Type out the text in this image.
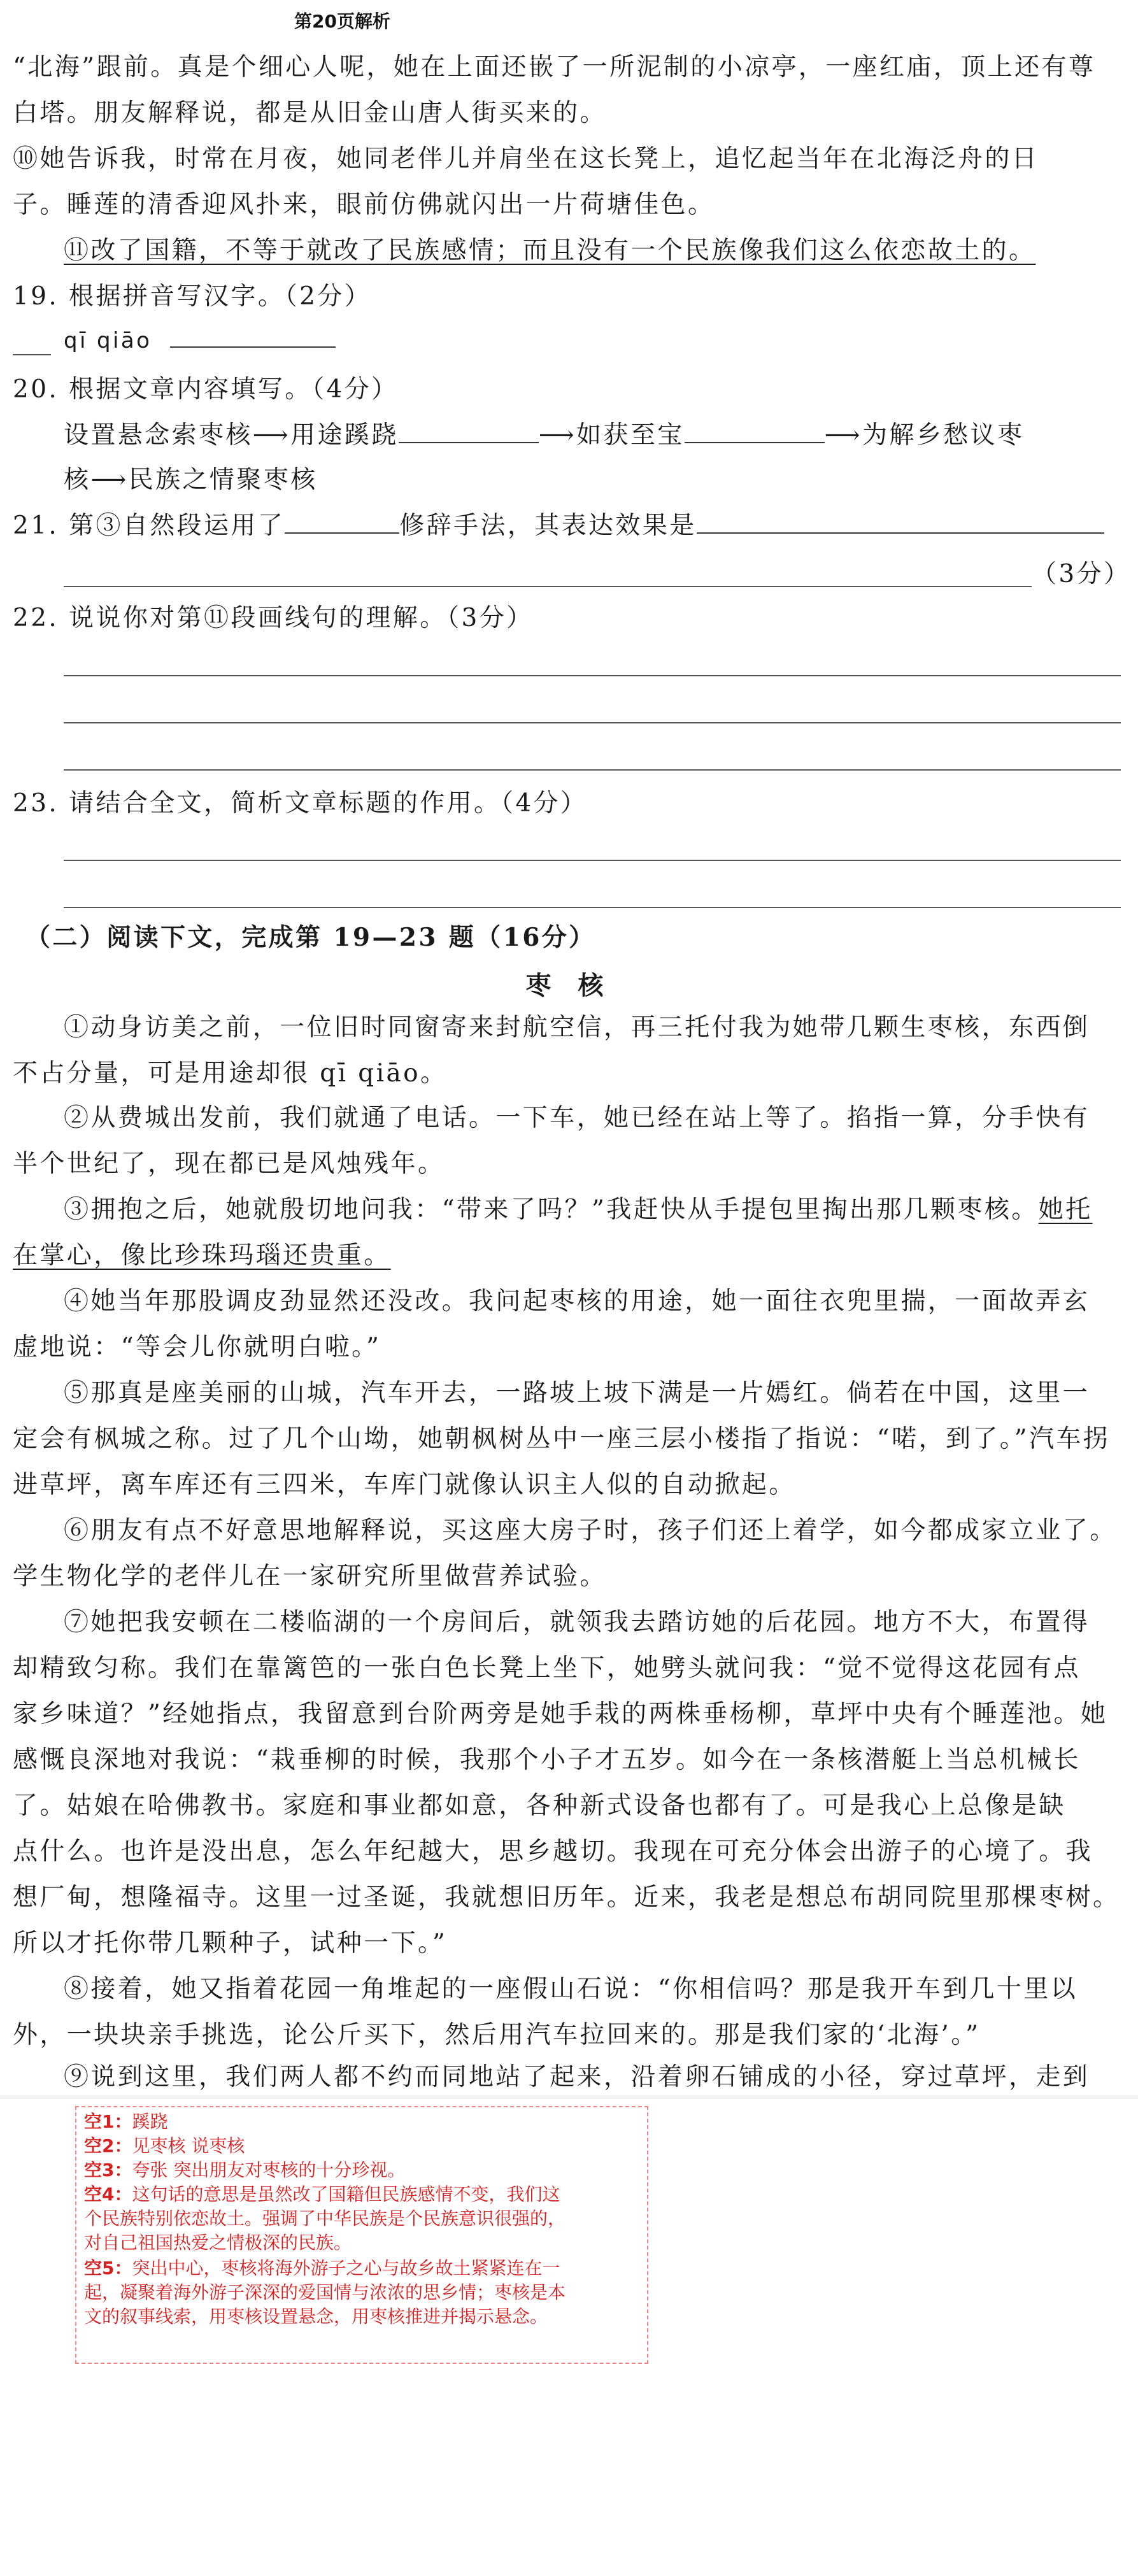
第20页解析
“北海”跟前。真是个细心人呢，她在上面还嵌了一所泥制的小凉亭，一座红庙，顶上还有尊
白塔。朋友解释说，都是从旧金山唐人街买来的。
⑩她告诉我，时常在月夜，她同老伴儿并肩坐在这长凳上，追忆起当年在北海泛舟的日
子。睡莲的清香迎风扑来，眼前仿佛就闪出一片荷塘佳色。
⑪改了国籍，不等于就改了民族感情；而且没有一个民族像我们这么依恋故土的。
19. 根据拼音写汉字。（2分）
qī qiāo
20. 根据文章内容填写。（4分）
设置悬念索枣核⟶用途蹊跷	⟶如获至宝	⟶为解乡愁议枣
核⟶民族之情聚枣核
21. 第③自然段运用了	修辞手法，其表达效果是
（3分）
22. 说说你对第⑪段画线句的理解。（3分）
23. 请结合全文，简析文章标题的作用。（4分）
（二）阅读下文，完成第 19—23 题（16分）
枣 核
①动身访美之前，一位旧时同窗寄来封航空信，再三托付我为她带几颗生枣核，东西倒
不占分量，可是用途却很 qī qiāo。
②从费城出发前，我们就通了电话。一下车，她已经在站上等了。掐指一算，分手快有
半个世纪了，现在都已是风烛残年。
③拥抱之后，她就殷切地问我：“带来了吗？”我赶快从手提包里掏出那几颗枣核。她托
在掌心，像比珍珠玛瑙还贵重。
④她当年那股调皮劲显然还没改。我问起枣核的用途，她一面往衣兜里揣，一面故弄玄
虚地说：“等会儿你就明白啦。”
⑤那真是座美丽的山城，汽车开去，一路坡上坡下满是一片嫣红。倘若在中国，这里一
定会有枫城之称。过了几个山坳，她朝枫树丛中一座三层小楼指了指说：“喏，到了。”汽车拐
进草坪，离车库还有三四米，车库门就像认识主人似的自动掀起。
⑥朋友有点不好意思地解释说，买这座大房子时，孩子们还上着学，如今都成家立业了。
学生物化学的老伴儿在一家研究所里做营养试验。
⑦她把我安顿在二楼临湖的一个房间后，就领我去踏访她的后花园。地方不大，布置得
却精致匀称。我们在靠篱笆的一张白色长凳上坐下，她劈头就问我：“觉不觉得这花园有点
家乡味道？”经她指点，我留意到台阶两旁是她手栽的两株垂杨柳，草坪中央有个睡莲池。她
感慨良深地对我说：“栽垂柳的时候，我那个小子才五岁。如今在一条核潜艇上当总机械长
了。姑娘在哈佛教书。家庭和事业都如意，各种新式设备也都有了。可是我心上总像是缺
点什么。也许是没出息，怎么年纪越大，思乡越切。我现在可充分体会出游子的心境了。我
想厂甸，想隆福寺。这里一过圣诞，我就想旧历年。近来，我老是想总布胡同院里那棵枣树。
所以才托你带几颗种子，试种一下。”
⑧接着，她又指着花园一角堆起的一座假山石说：“你相信吗？那是我开车到几十里以
外，一块块亲手挑选，论公斤买下，然后用汽车拉回来的。那是我们家的‘北海’。”
⑨说到这里，我们两人都不约而同地站了起来，沿着卵石铺成的小径，穿过草坪，走到
空1：蹊跷
空2：见枣核 说枣核
空3：夸张 突出朋友对枣核的十分珍视。
空4：这句话的意思是虽然改了国籍但民族感情不变，我们这
个民族特别依恋故土。强调了中华民族是个民族意识很强的，
对自己祖国热爱之情极深的民族。
空5：突出中心，枣核将海外游子之心与故乡故土紧紧连在一
起，凝聚着海外游子深深的爱国情与浓浓的思乡情；枣核是本
文的叙事线索，用枣核设置悬念，用枣核推进并揭示悬念。
